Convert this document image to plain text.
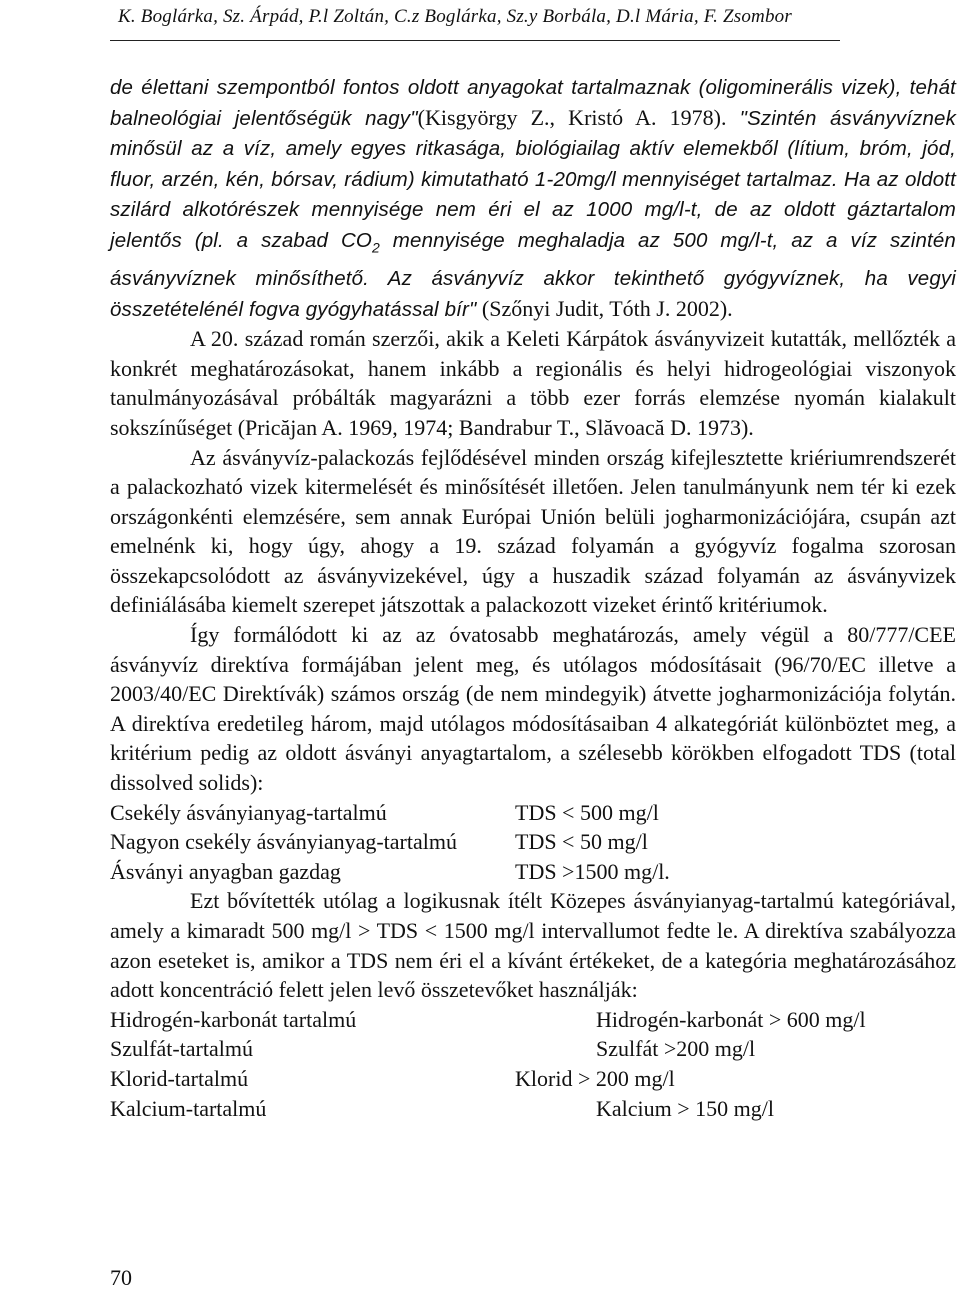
K. Boglárka, Sz. Árpád, P.l Zoltán, C.z Boglárka, Sz.y Borbála, D.l Mária, F. Zsombor

de élettani szempontból fontos oldott anyagokat tartalmaznak (oligominerális vizek), tehát balneológiai jelentőségük nagy"(Kisgyörgy Z., Kristó A. 1978). "Szintén ásványvíznek minősül az a víz, amely egyes ritkasága, biológiailag aktív elemekből (lítium, bróm, jód, fluor, arzén, kén, bórsav, rádium) kimutatható 1-20mg/l mennyiséget tartalmaz. Ha az oldott szilárd alkotórészek mennyisége nem éri el az 1000 mg/l-t, de az oldott gáztartalom jelentős (pl. a szabad $CO_2$ mennyisége meghaladja az 500 mg/l-t, az a víz szintén ásványvíznek minősíthető. Az ásványvíz akkor tekinthető gyógyvíznek, ha vegyi összetételénél fogva gyógyhatással bír" (Szőnyi Judit, Tóth J. 2002).

A 20. század román szerzői, akik a Keleti Kárpátok ásványvizeit kutatták, mellőzték a konkrét meghatározásokat, hanem inkább a regionális és helyi hidrogeológiai viszonyok tanulmányozásával próbálták magyarázni a több ezer forrás elemzése nyomán kialakult sokszínűséget (Pricăjan A. 1969, 1974; Bandrabur T., Slăvoacă D. 1973).

Az ásványvíz-palackozás fejlődésével minden ország kifejlesztette kriériumrendszerét a palackozható vizek kitermelését és minősítését illetően. Jelen tanulmányunk nem tér ki ezek országonkénti elemzésére, sem annak Európai Unión belüli jogharmonizációjára, csupán azt emelnénk ki, hogy úgy, ahogy a 19. század folyamán a gyógyvíz fogalma szorosan összekapcsolódott az ásványvizekével, úgy a huszadik század folyamán az ásványvizek definiálásába kiemelt szerepet játszottak a palackozott vizeket érintő kritériumok.

Így formálódott ki az az óvatosabb meghatározás, amely végül a 80/777/CEE ásványvíz direktíva formájában jelent meg, és utólagos módosításait (96/70/EC illetve a 2003/40/EC Direktívák) számos ország (de nem mindegyik) átvette jogharmonizációja folytán. A direktíva eredetileg három, majd utólagos módosításaiban 4 alkategóriát különböztet meg, a kritérium pedig az oldott ásványi anyagtartalom, a szélesebb körökben elfogadott TDS (total dissolved solids):

Csekély ásványianyag-tartalmú	TDS < 500 mg/l
Nagyon csekély ásványianyag-tartalmú	TDS < 50 mg/l
Ásványi anyagban gazdag	TDS >1500 mg/l.

Ezt bővítették utólag a logikusnak ítélt Közepes ásványianyag-tartalmú kategóriával, amely a kimaradt 500 mg/l > TDS < 1500 mg/l intervallumot fedte le. A direktíva szabályozza azon eseteket is, amikor a TDS nem éri el a kívánt értékeket, de a kategória meghatározásához adott koncentráció felett jelen levő összetevőket használják:

Hidrogén-karbonát tartalmú	Hidrogén-karbonát > 600 mg/l
Szulfát-tartalmú	Szulfát >200 mg/l
Klorid-tartalmú	Klorid > 200 mg/l
Kalcium-tartalmú	Kalcium > 150 mg/l
70
